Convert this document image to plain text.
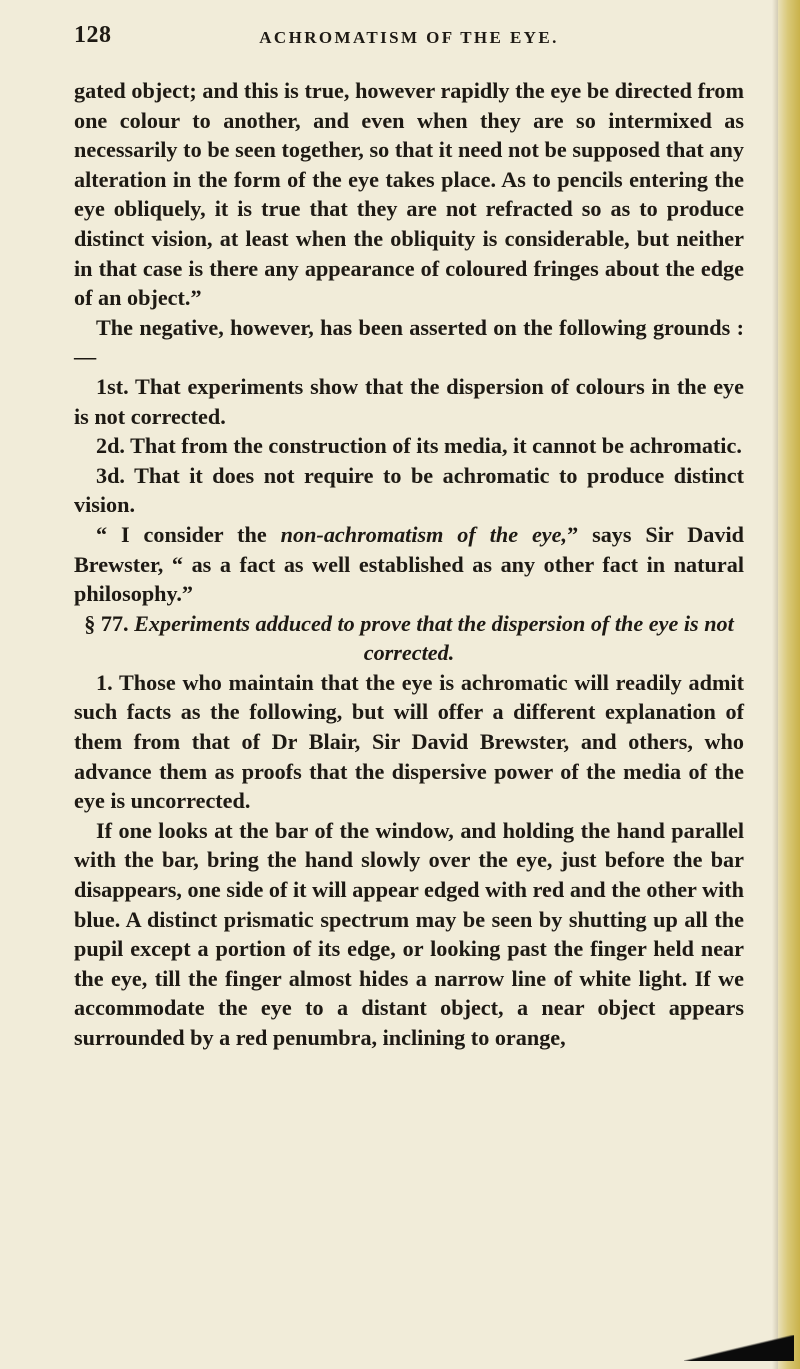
128	ACHROMATISM OF THE EYE.

gated object; and this is true, however rapidly the eye be directed from one colour to another, and even when they are so intermixed as necessarily to be seen together, so that it need not be supposed that any alteration in the form of the eye takes place. As to pencils entering the eye obliquely, it is true that they are not refracted so as to produce distinct vision, at least when the obliquity is considerable, but neither in that case is there any appearance of coloured fringes about the edge of an object.”

The negative, however, has been asserted on the following grounds :—

1st. That experiments show that the dispersion of colours in the eye is not corrected.

2d. That from the construction of its media, it cannot be achromatic.

3d. That it does not require to be achromatic to produce distinct vision.

“ I consider the non-achromatism of the eye,” says Sir David Brewster, “ as a fact as well established as any other fact in natural philosophy.”

§ 77. Experiments adduced to prove that the dispersion of the eye is not corrected.

1. Those who maintain that the eye is achromatic will readily admit such facts as the following, but will offer a different explanation of them from that of Dr Blair, Sir David Brewster, and others, who advance them as proofs that the dispersive power of the media of the eye is uncorrected.

If one looks at the bar of the window, and holding the hand parallel with the bar, bring the hand slowly over the eye, just before the bar disappears, one side of it will appear edged with red and the other with blue. A distinct prismatic spectrum may be seen by shutting up all the pupil except a portion of its edge, or looking past the finger held near the eye, till the finger almost hides a narrow line of white light. If we accommodate the eye to a distant object, a near object appears surrounded by a red penumbra, inclining to orange,
